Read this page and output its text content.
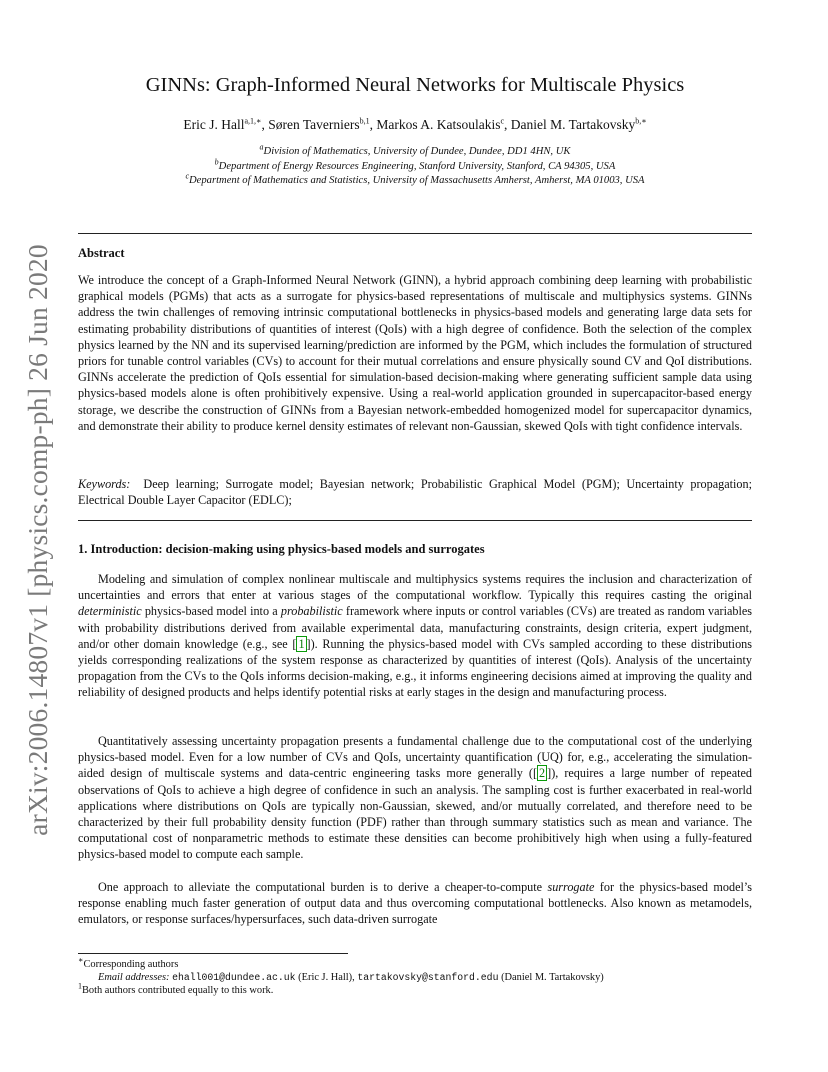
arXiv:2006.14807v1 [physics.comp-ph] 26 Jun 2020
GINNs: Graph-Informed Neural Networks for Multiscale Physics
Eric J. Hall$^{a,1,∗}$, Søren Taverniers$^{b,1}$, Markos A. Katsoulakis$^c$, Daniel M. Tartakovsky$^{b,∗}$
$^a$Division of Mathematics, University of Dundee, Dundee, DD1 4HN, UK
$^b$Department of Energy Resources Engineering, Stanford University, Stanford, CA 94305, USA
$^c$Department of Mathematics and Statistics, University of Massachusetts Amherst, Amherst, MA 01003, USA
Abstract
We introduce the concept of a Graph-Informed Neural Network (GINN), a hybrid approach combining deep learning with probabilistic graphical models (PGMs) that acts as a surrogate for physics-based representations of multiscale and multiphysics systems. GINNs address the twin challenges of removing intrinsic computational bottlenecks in physics-based models and generating large data sets for estimating probability distributions of quantities of interest (QoIs) with a high degree of confidence. Both the selection of the complex physics learned by the NN and its supervised learning/prediction are informed by the PGM, which includes the formulation of structured priors for tunable control variables (CVs) to account for their mutual correlations and ensure physically sound CV and QoI distributions. GINNs accelerate the prediction of QoIs essential for simulation-based decision-making where generating sufficient sample data using physics-based models alone is often prohibitively expensive. Using a real-world application grounded in supercapacitor-based energy storage, we describe the construction of GINNs from a Bayesian network-embedded homogenized model for supercapacitor dynamics, and demonstrate their ability to produce kernel density estimates of relevant non-Gaussian, skewed QoIs with tight confidence intervals.
Keywords: Deep learning; Surrogate model; Bayesian network; Probabilistic Graphical Model (PGM); Uncertainty propagation; Electrical Double Layer Capacitor (EDLC);
1. Introduction: decision-making using physics-based models and surrogates
Modeling and simulation of complex nonlinear multiscale and multiphysics systems requires the inclusion and characterization of uncertainties and errors that enter at various stages of the computational workflow. Typically this requires casting the original deterministic physics-based model into a probabilistic framework where inputs or control variables (CVs) are treated as random variables with probability distributions derived from available experimental data, manufacturing constraints, design criteria, expert judgment, and/or other domain knowledge (e.g., see [ 1 ]). Running the physics-based model with CVs sampled according to these distributions yields corresponding realizations of the system response as characterized by quantities of interest (QoIs). Analysis of the uncertainty propagation from the CVs to the QoIs informs decision-making, e.g., it informs engineering decisions aimed at improving the quality and reliability of designed products and helps identify potential risks at early stages in the design and manufacturing process.
Quantitatively assessing uncertainty propagation presents a fundamental challenge due to the computational cost of the underlying physics-based model. Even for a low number of CVs and QoIs, uncertainty quantification (UQ) for, e.g., accelerating the simulation-aided design of multiscale systems and data-centric engineering tasks more generally ([ 2 ]), requires a large number of repeated observations of QoIs to achieve a high degree of confidence in such an analysis. The sampling cost is further exacerbated in real-world applications where distributions on QoIs are typically non-Gaussian, skewed, and/or mutually correlated, and therefore need to be characterized by their full probability density function (PDF) rather than through summary statistics such as mean and variance. The computational cost of nonparametric methods to estimate these densities can become prohibitively high when using a fully-featured physics-based model to compute each sample.
One approach to alleviate the computational burden is to derive a cheaper-to-compute surrogate for the physics-based model’s response enabling much faster generation of output data and thus overcoming computational bottlenecks. Also known as metamodels, emulators, or response surfaces/hypersurfaces, such data-driven surrogate
∗Corresponding authors
Email addresses: ehall001@dundee.ac.uk (Eric J. Hall), tartakovsky@stanford.edu (Daniel M. Tartakovsky)
$^1$Both authors contributed equally to this work.
